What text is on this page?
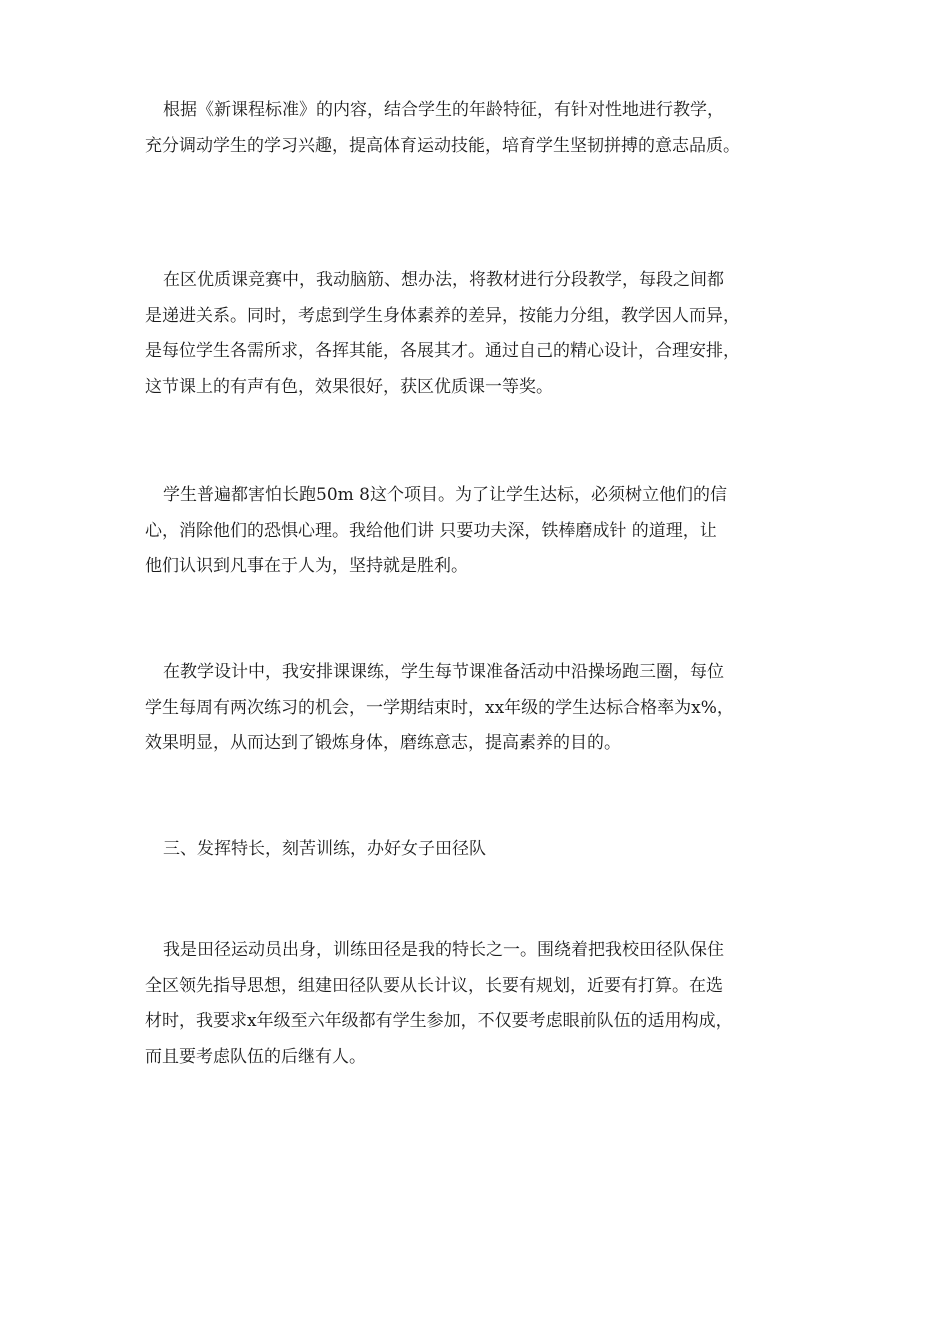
根据《新课程标准》的内容，结合学生的年龄特征，有针对性地进行教学，
充分调动学生的学习兴趣，提高体育运动技能，培育学生坚韧拼搏的意志品质。

在区优质课竞赛中，我动脑筋、想办法，将教材进行分段教学，每段之间都
是递进关系。同时，考虑到学生身体素养的差异，按能力分组，教学因人而异，
是每位学生各需所求，各挥其能，各展其才。通过自己的精心设计，合理安排，
这节课上的有声有色，效果很好，获区优质课一等奖。

学生普遍都害怕长跑50m 8这个项目。为了让学生达标，必须树立他们的信
心，消除他们的恐惧心理。我给他们讲 只要功夫深，铁棒磨成针 的道理，让
他们认识到凡事在于人为，坚持就是胜利。

在教学设计中，我安排课课练，学生每节课准备活动中沿操场跑三圈，每位
学生每周有两次练习的机会，一学期结束时，xx年级的学生达标合格率为x%，
效果明显，从而达到了锻炼身体，磨练意志，提高素养的目的。

三、发挥特长，刻苦训练，办好女子田径队

我是田径运动员出身，训练田径是我的特长之一。围绕着把我校田径队保住
全区领先指导思想，组建田径队要从长计议，长要有规划，近要有打算。在选
材时，我要求x年级至六年级都有学生参加，不仅要考虑眼前队伍的适用构成，
而且要考虑队伍的后继有人。
